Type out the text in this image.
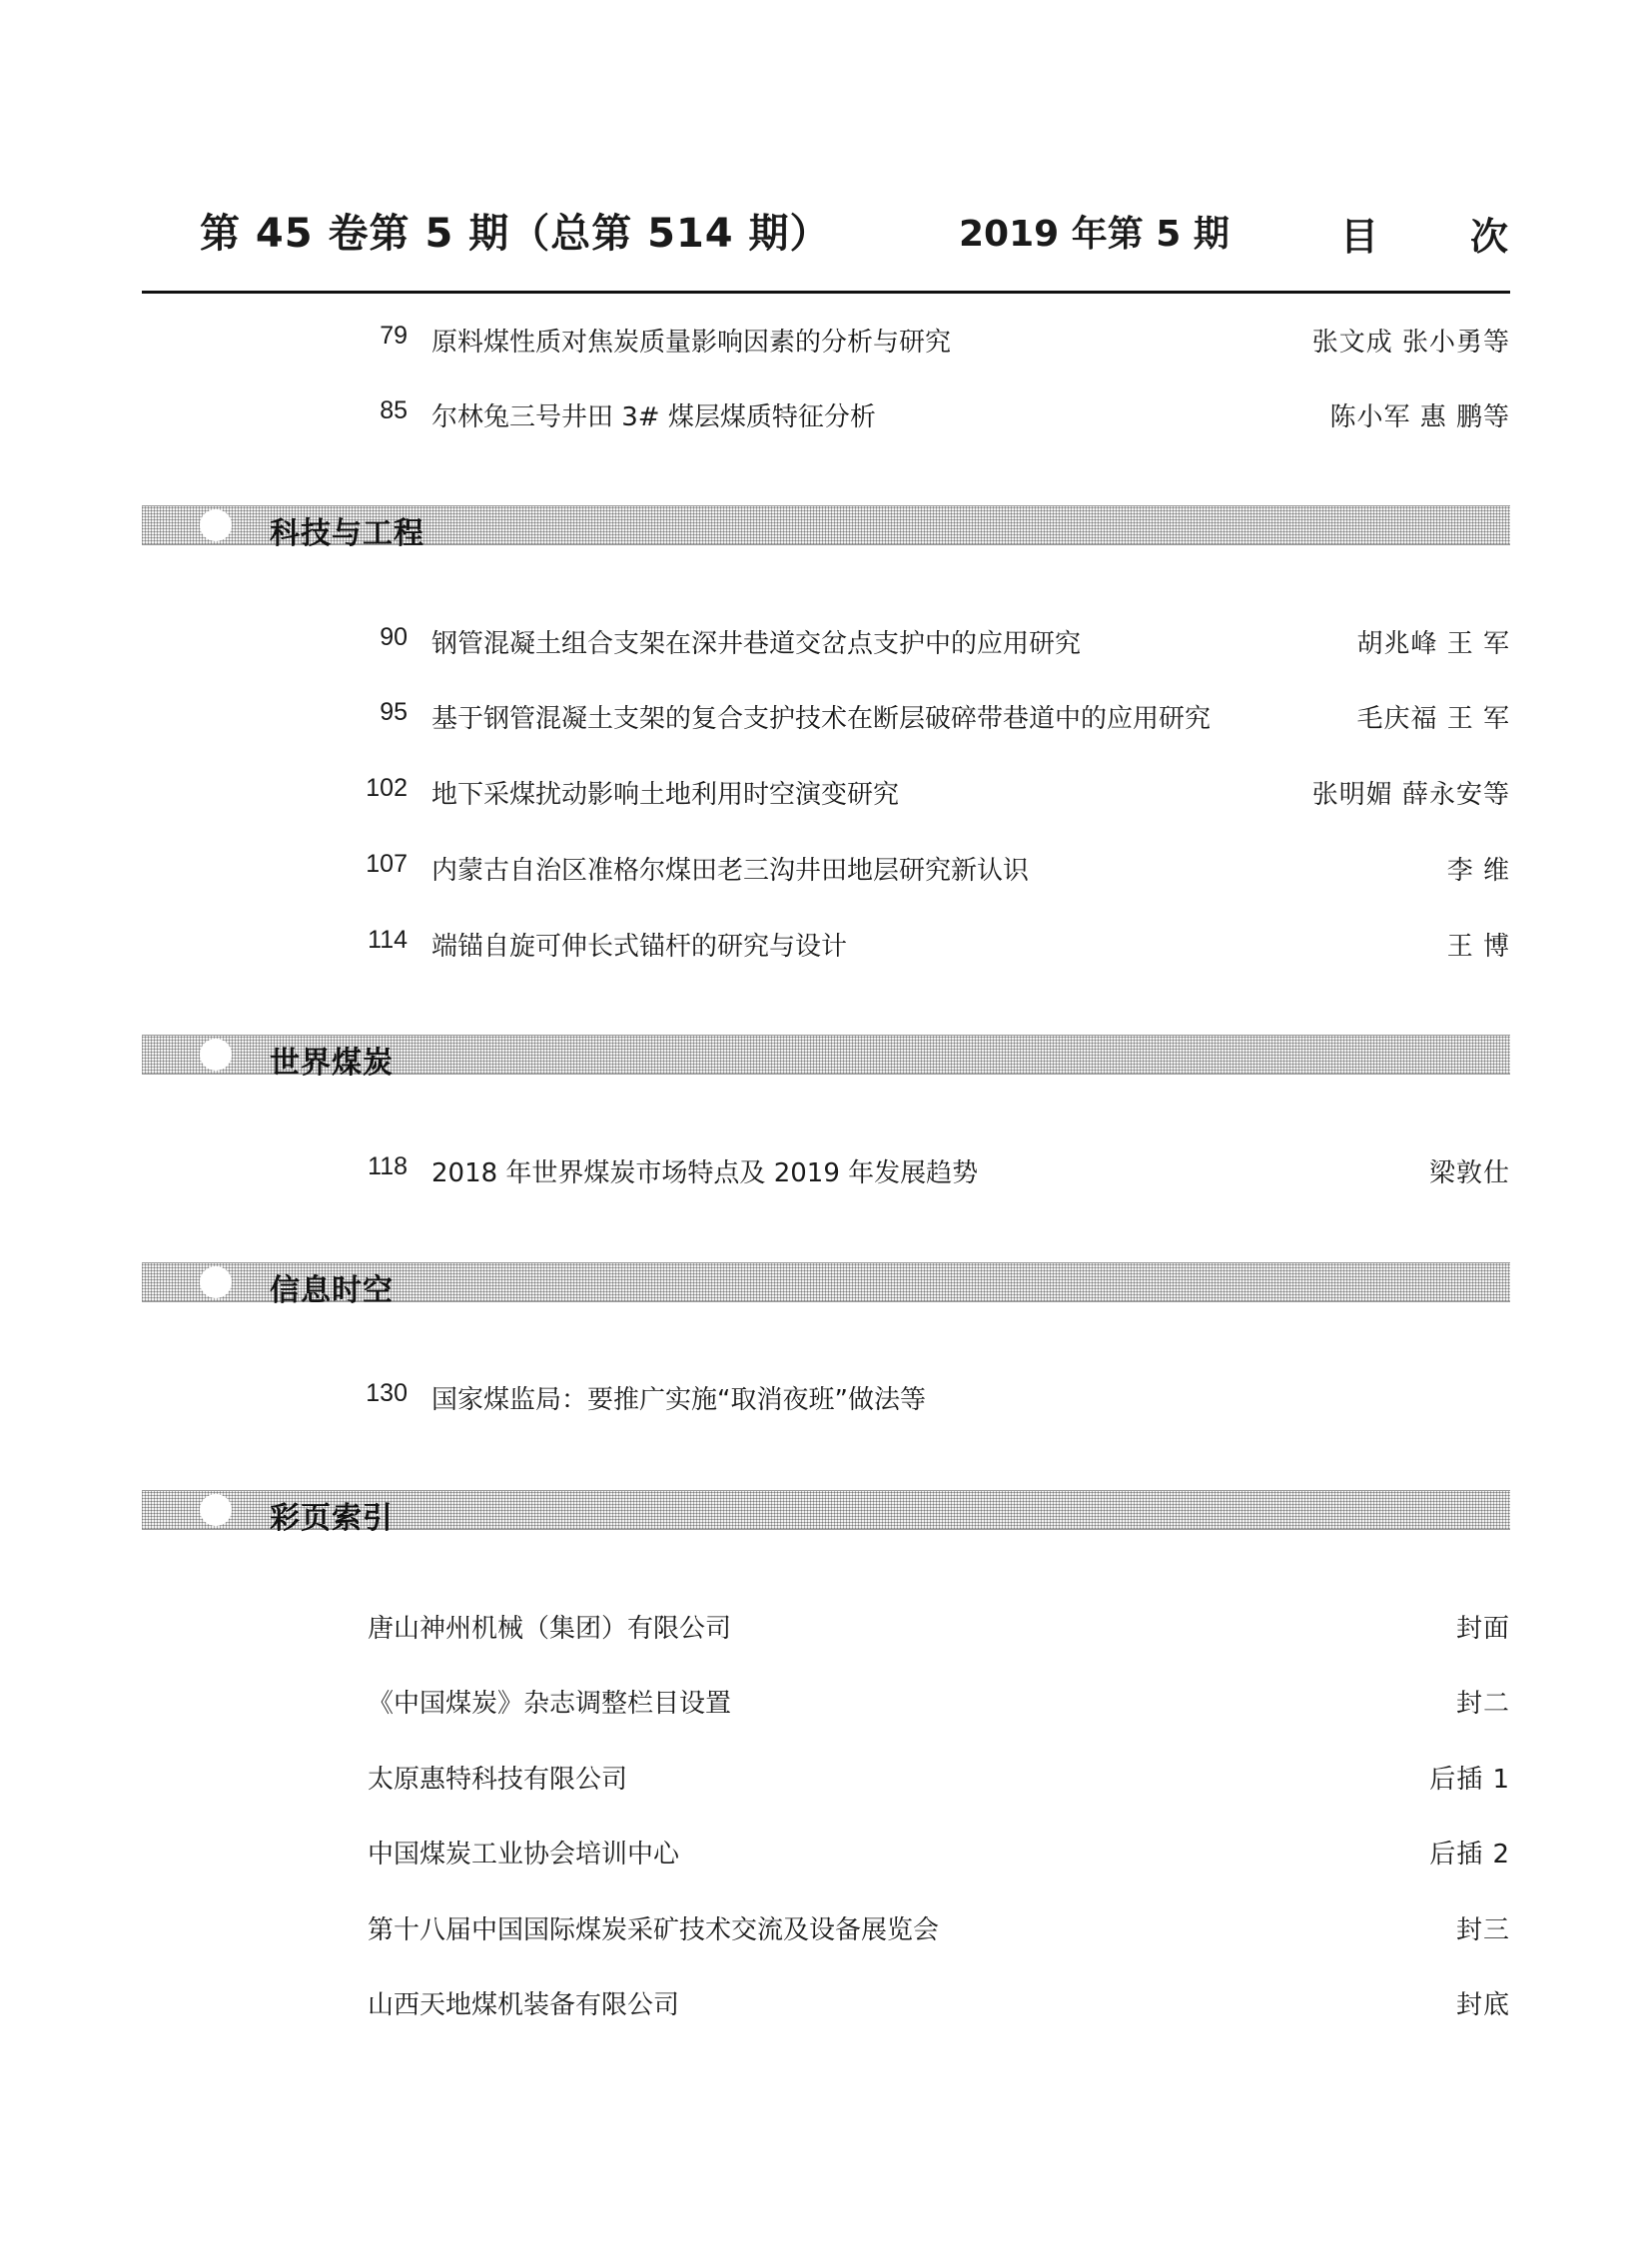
第 45 卷第 5 期（总第 514 期）	2019 年第 5 期	目 次
79 原料煤性质对焦炭质量影响因素的分析与研究	张文成 张小勇等
85 尔林兔三号井田 3# 煤层煤质特征分析	陈小军 惠 鹏等
科技与工程
90 钢管混凝土组合支架在深井巷道交岔点支护中的应用研究	胡兆峰 王 军
95 基于钢管混凝土支架的复合支护技术在断层破碎带巷道中的应用研究	毛庆福 王 军
102 地下采煤扰动影响土地利用时空演变研究	张明媚 薛永安等
107 内蒙古自治区准格尔煤田老三沟井田地层研究新认识	李 维
114 端锚自旋可伸长式锚杆的研究与设计	王 博
世界煤炭
118 2018 年世界煤炭市场特点及 2019 年发展趋势	梁敦仕
信息时空
130 国家煤监局：要推广实施“取消夜班”做法等
彩页索引
唐山神州机械（集团）有限公司	封面
《中国煤炭》杂志调整栏目设置	封二
太原惠特科技有限公司	后插 1
中国煤炭工业协会培训中心	后插 2
第十八届中国国际煤炭采矿技术交流及设备展览会	封三
山西天地煤机装备有限公司	封底
